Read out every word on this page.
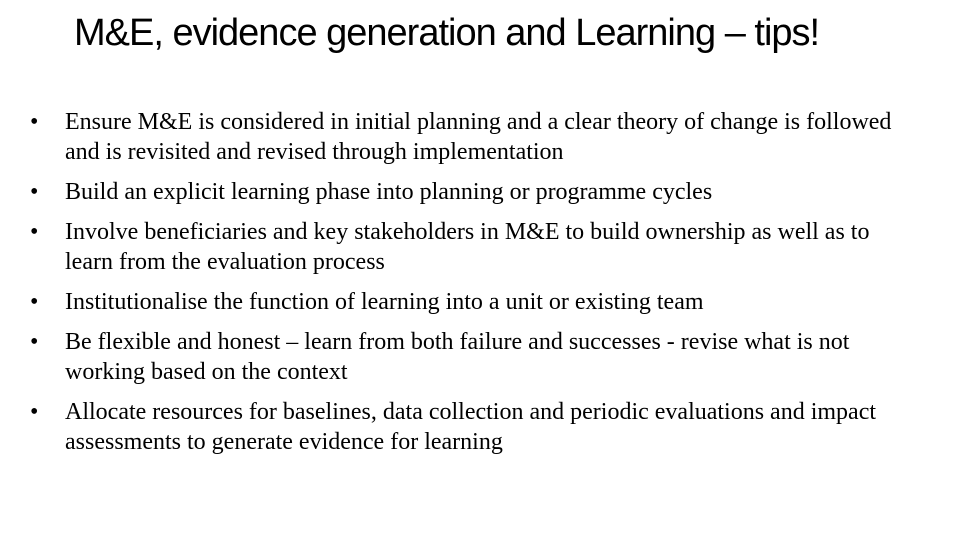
M&E, evidence generation and Learning – tips!
•	Ensure M&E is considered in initial planning and a clear theory of change is followed and is revisited and revised through implementation
•	Build an explicit learning phase into planning or programme cycles
•	Involve beneficiaries and key stakeholders in M&E to build ownership as well as to learn from the evaluation process
•	Institutionalise the function of learning into a unit or existing team
•	Be flexible and honest – learn from both failure and successes - revise what is not working based on the context
•	Allocate resources for baselines, data collection and periodic evaluations and impact assessments to generate evidence for learning
